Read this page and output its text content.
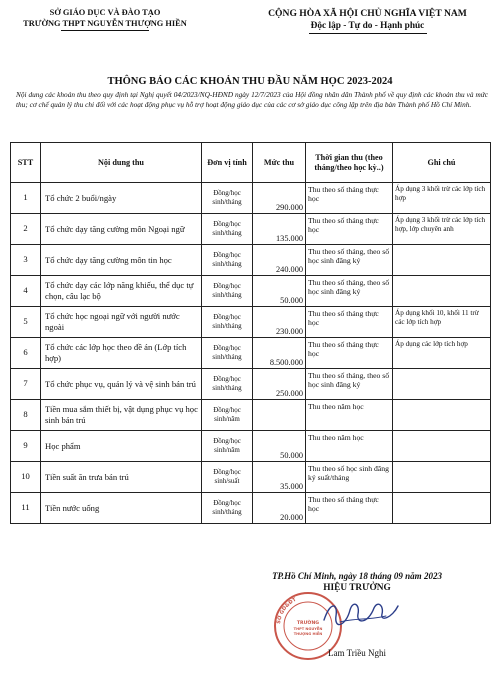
SỞ GIÁO DỤC VÀ ĐÀO TẠO
TRƯỜNG THPT NGUYỄN THƯỢNG HIỀN
CỘNG HÒA XÃ HỘI CHỦ NGHĨA VIỆT NAM
Độc lập - Tự do - Hạnh phúc
THÔNG BÁO CÁC KHOẢN THU ĐẦU NĂM HỌC 2023-2024
Nội dung các khoản thu theo quy định tại Nghị quyết 04/2023/NQ-HĐND ngày 12/7/2023 của Hội đồng nhân dân Thành phố về quy định các khoản thu và mức thu; cơ chế quản lý thu chi đối với các hoạt động phục vụ hỗ trợ hoạt động giáo dục của các cơ sở giáo dục công lập trên địa bàn Thành phố Hồ Chí Minh.
STT	Nội dung thu	Đơn vị tính	Mức thu	Thời gian thu (theo tháng/theo học kỳ..)	Ghi chú
1	Tổ chức 2 buổi/ngày	Đồng/học sinh/tháng	290.000	Thu theo số tháng thực học	Áp dụng 3 khối trừ các lớp tích hợp
2	Tổ chức dạy tăng cường môn Ngoại ngữ	Đồng/học sinh/tháng	135.000	Thu theo số tháng thực học	Áp dụng 3 khối trừ các lớp tích hợp, lớp chuyên anh
3	Tổ chức dạy tăng cường môn tin học	Đồng/học sinh/tháng	240.000	Thu theo số tháng, theo số học sinh đăng ký	
4	Tổ chức dạy các lớp năng khiếu, thể dục tự chọn, câu lạc bộ	Đồng/học sinh/tháng	50.000	Thu theo số tháng, theo số học sinh đăng ký	
5	Tổ chức học ngoại ngữ với người nước ngoài	Đồng/học sinh/tháng	230.000	Thu theo số tháng thực học	Áp dụng khối 10, khối 11 trừ các lớp tích hợp
6	Tổ chức các lớp học theo đề án (Lớp tích hợp)	Đồng/học sinh/tháng	8.500.000	Thu theo số tháng thực học	Áp dụng các lớp tích hợp
7	Tổ chức phục vụ, quản lý và vệ sinh bán trú	Đồng/học sinh/tháng	250.000	Thu theo số tháng, theo số học sinh đăng ký	
8	Tiền mua sắm thiết bị, vật dụng phục vụ học sinh bán trú	Đồng/học sinh/năm		Thu theo năm học	
9	Học phẩm	Đồng/học sinh/năm	50.000	Thu theo năm học	
10	Tiền suất ăn trưa bán trú	Đồng/học sinh/suất	35.000	Thu theo số học sinh đăng ký suất/tháng	
11	Tiền nước uống	Đồng/học sinh/tháng	20.000	Thu theo số tháng thực học	
TP.Hồ Chí Minh, ngày 18 tháng 09 năm 2023
HIỆU TRƯỞNG
SỞ GD&ĐT
TRƯỜNG
THPT NGUYỄN
THƯỢNG HIỀN
Lam Triều Nghi
